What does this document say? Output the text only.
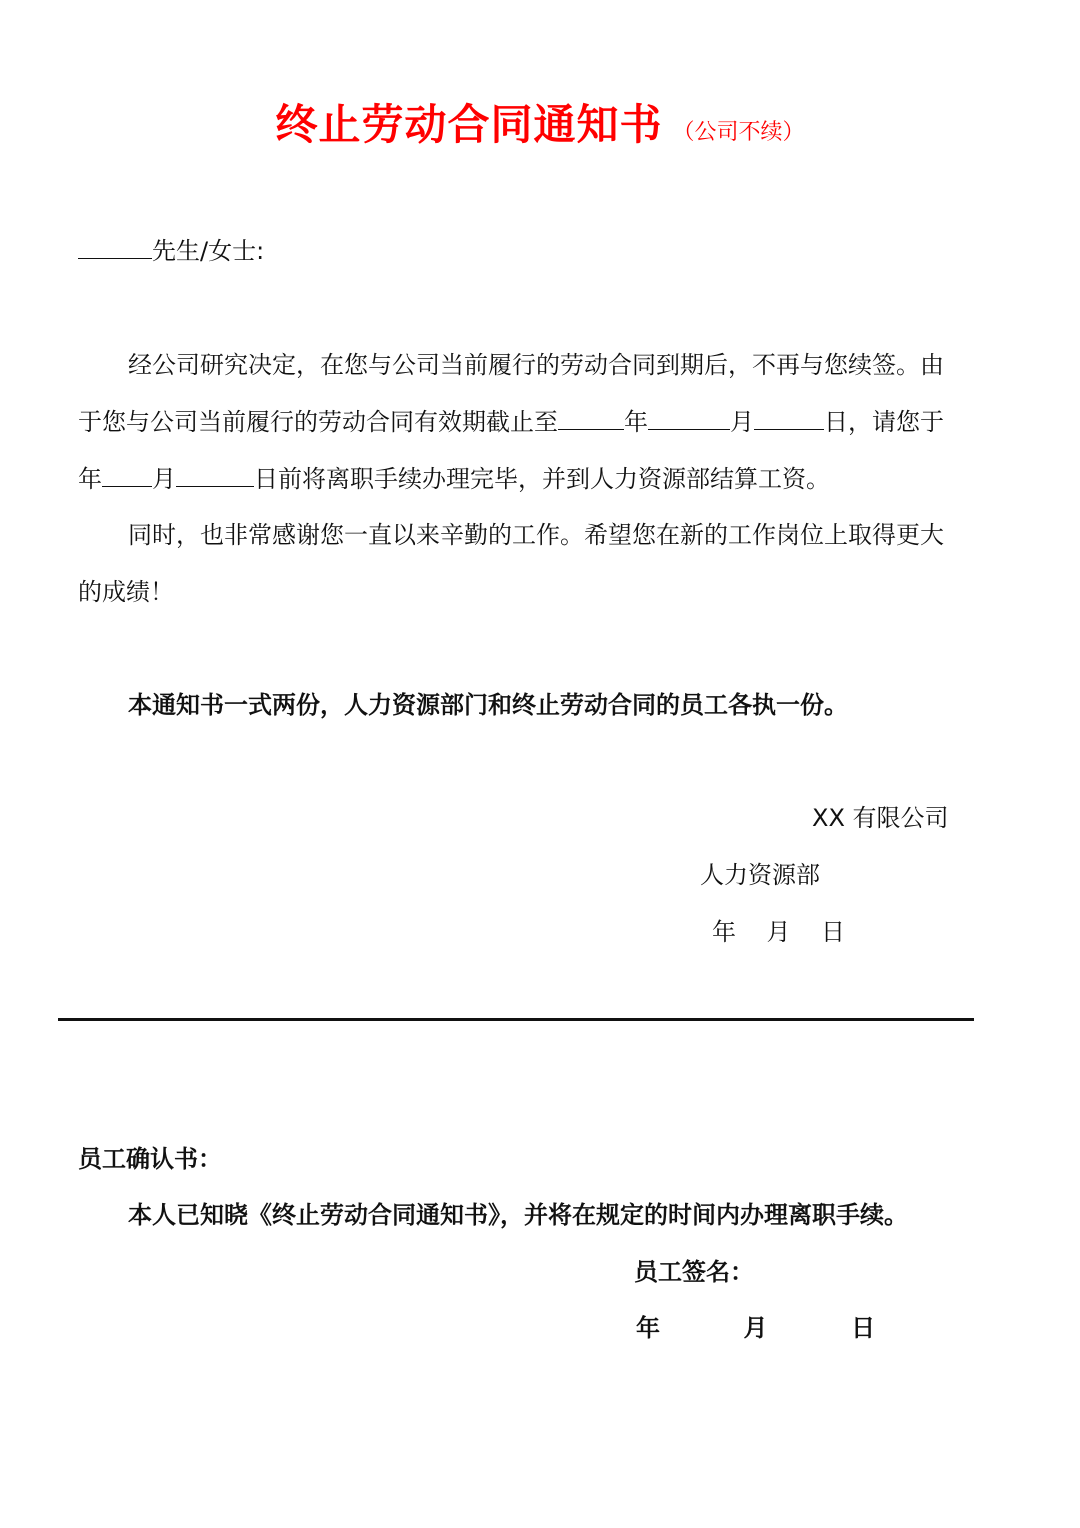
终止劳动合同通知书 （公司不续）
先生/女士:
经公司研究决定，在您与公司当前履行的劳动合同到期后，不再与您续签。由
于您与公司当前履行的劳动合同有效期截止至	年	月	日，请您于
年 月	日前将离职手续办理完毕，并到人力资源部结算工资。
同时，也非常感谢您一直以来辛勤的工作。希望您在新的工作岗位上取得更大
的成绩！
本通知书一式两份，人力资源部门和终止劳动合同的员工各执一份。
XX 有限公司
人力资源部
年    月    日
员工确认书：
本人已知晓《终止劳动合同通知书》，并将在规定的时间内办理离职手续。
员工签名：
年          月          日
